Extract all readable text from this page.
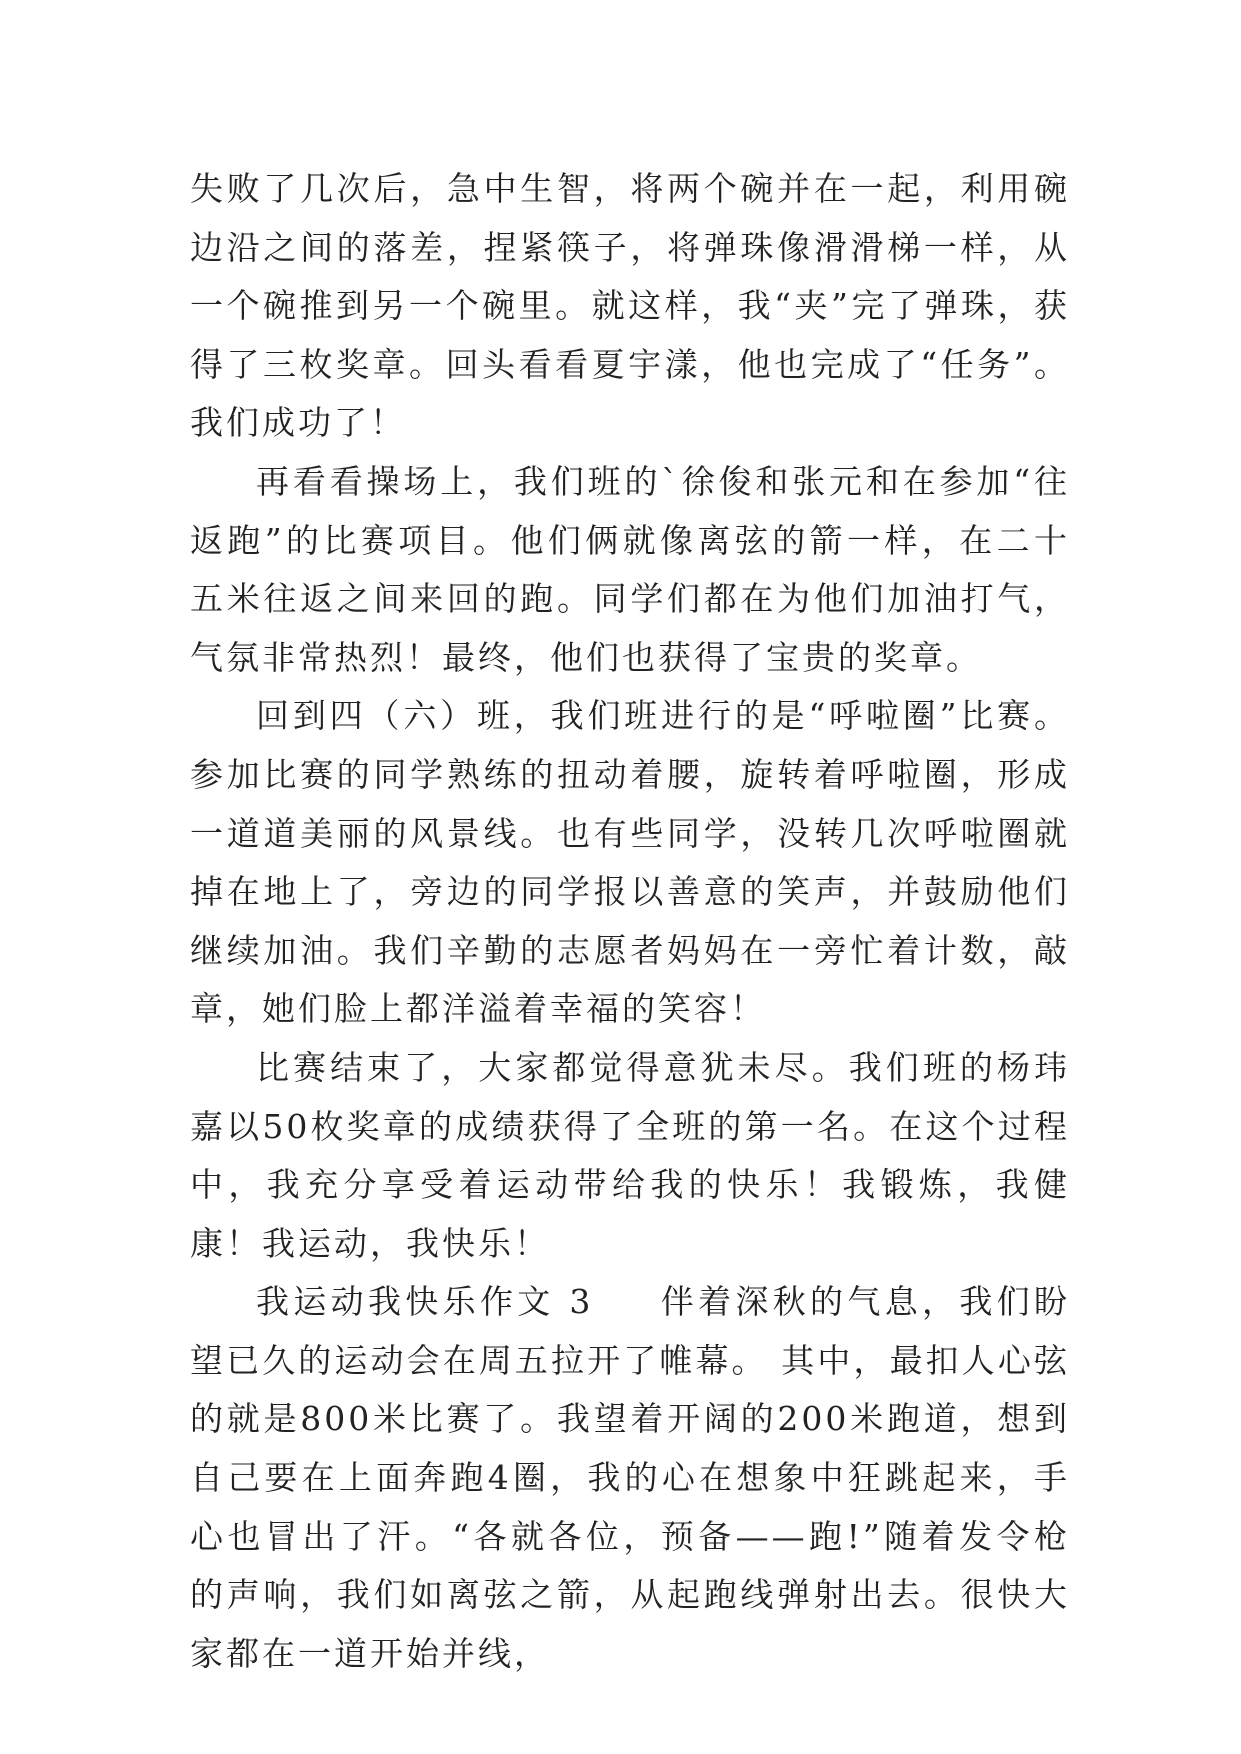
失败了几次后，急中生智，将两个碗并在一起，利用碗边沿之间的落差，捏紧筷子，将弹珠像滑滑梯一样，从一个碗推到另一个碗里。就这样，我“夹”完了弹珠，获得了三枚奖章。回头看看夏宇漾，他也完成了“任务”。我们成功了！

再看看操场上，我们班的`徐俊和张元和在参加“往返跑”的比赛项目。他们俩就像离弦的箭一样，在二十五米往返之间来回的跑。同学们都在为他们加油打气，气氛非常热烈！最终，他们也获得了宝贵的奖章。

回到四（六）班，我们班进行的是“呼啦圈”比赛。参加比赛的同学熟练的扭动着腰，旋转着呼啦圈，形成一道道美丽的风景线。也有些同学，没转几次呼啦圈就掉在地上了，旁边的同学报以善意的笑声，并鼓励他们继续加油。我们辛勤的志愿者妈妈在一旁忙着计数，敲章，她们脸上都洋溢着幸福的笑容！

比赛结束了，大家都觉得意犹未尽。我们班的杨玮嘉以50枚奖章的成绩获得了全班的第一名。在这个过程中，我充分享受着运动带给我的快乐！我锻炼，我健康！我运动，我快乐！

我运动我快乐作文 3 伴着深秋的气息，我们盼望已久的运动会在周五拉开了帷幕。 其中，最扣人心弦的就是800米比赛了。我望着开阔的200米跑道，想到自己要在上面奔跑4圈，我的心在想象中狂跳起来，手心也冒出了汗。“各就各位，预备——跑!”随着发令枪的声响，我们如离弦之箭，从起跑线弹射出去。很快大家都在一道开始并线，
